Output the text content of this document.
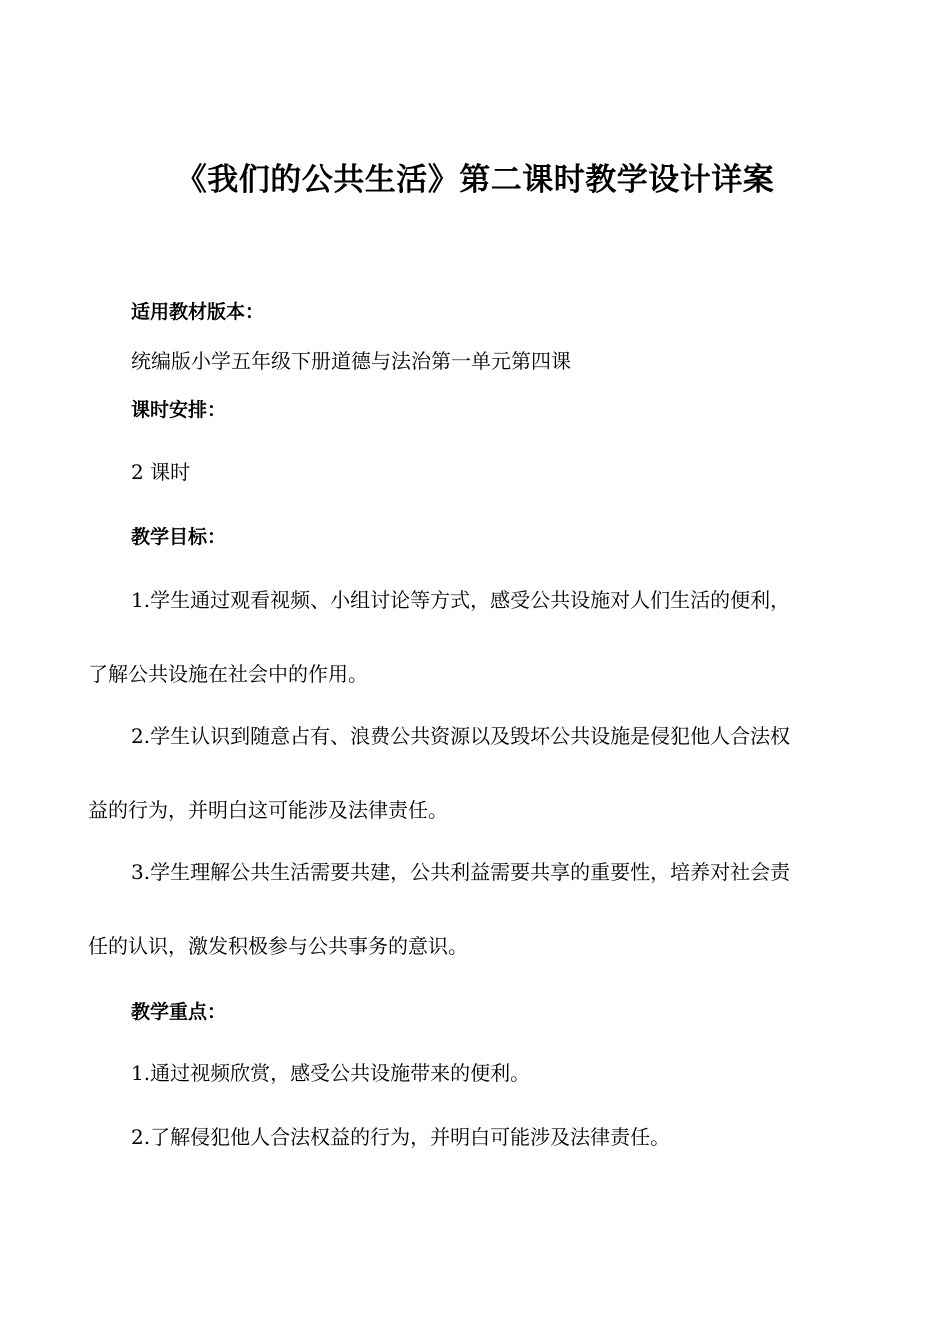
《我们的公共生活》第二课时教学设计详案
适用教材版本：
统编版小学五年级下册道德与法治第一单元第四课
课时安排：
2 课时
教学目标：
1.学生通过观看视频、小组讨论等方式，感受公共设施对人们生活的便利，
了解公共设施在社会中的作用。
2.学生认识到随意占有、浪费公共资源以及毁坏公共设施是侵犯他人合法权
益的行为，并明白这可能涉及法律责任。
3.学生理解公共生活需要共建，公共利益需要共享的重要性，培养对社会责
任的认识，激发积极参与公共事务的意识。
教学重点：
1.通过视频欣赏，感受公共设施带来的便利。
2.了解侵犯他人合法权益的行为，并明白可能涉及法律责任。
